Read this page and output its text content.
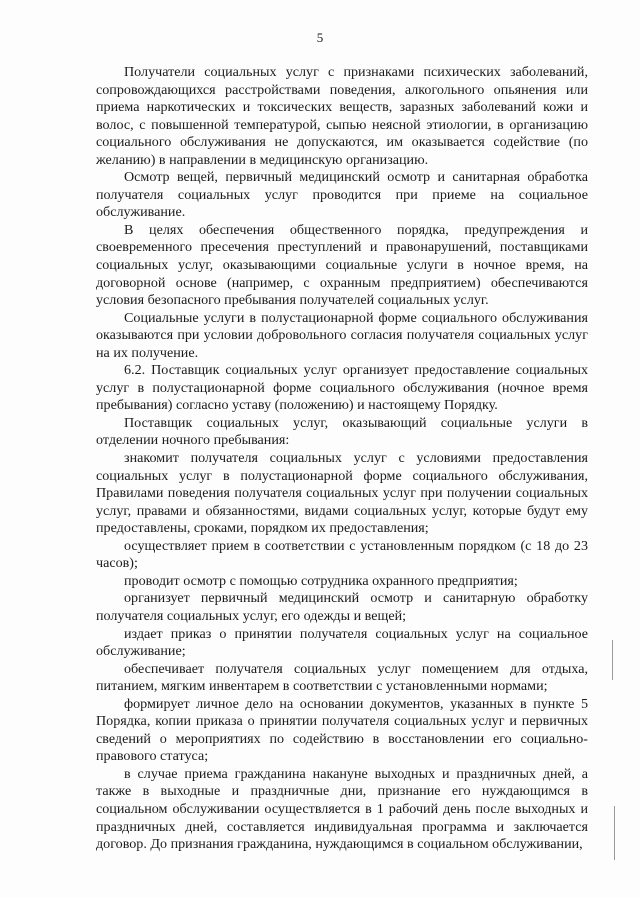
5

Получатели социальных услуг с признаками психических заболеваний, сопровождающихся расстройствами поведения, алкогольного опьянения или приема наркотических и токсических веществ, заразных заболеваний кожи и волос, с повышенной температурой, сыпью неясной этиологии, в организацию социального обслуживания не допускаются, им оказывается содействие (по желанию) в направлении в медицинскую организацию.

Осмотр вещей, первичный медицинский осмотр и санитарная обработка получателя социальных услуг проводится при приеме на социальное обслуживание.

В целях обеспечения общественного порядка, предупреждения и своевременного пресечения преступлений и правонарушений, поставщиками социальных услуг, оказывающими социальные услуги в ночное время, на договорной основе (например, с охранным предприятием) обеспечиваются условия безопасного пребывания получателей социальных услуг.

Социальные услуги в полустационарной форме социального обслуживания оказываются при условии добровольного согласия получателя социальных услуг на их получение.

6.2. Поставщик социальных услуг организует предоставление социальных услуг в полустационарной форме социального обслуживания (ночное время пребывания) согласно уставу (положению) и настоящему Порядку.

Поставщик социальных услуг, оказывающий социальные услуги в отделении ночного пребывания:

знакомит получателя социальных услуг с условиями предоставления социальных услуг в полустационарной форме социального обслуживания, Правилами поведения получателя социальных услуг при получении социальных услуг, правами и обязанностями, видами социальных услуг, которые будут ему предоставлены, сроками, порядком их предоставления;

осуществляет прием в соответствии с установленным порядком (с 18 до 23 часов);

проводит осмотр с помощью сотрудника охранного предприятия;

организует первичный медицинский осмотр и санитарную обработку получателя социальных услуг, его одежды и вещей;

издает приказ о принятии получателя социальных услуг на социальное обслуживание;

обеспечивает получателя социальных услуг помещением для отдыха, питанием, мягким инвентарем в соответствии с установленными нормами;

формирует личное дело на основании документов, указанных в пункте 5 Порядка, копии приказа о принятии получателя социальных услуг и первичных сведений о мероприятиях по содействию в восстановлении его социально-правового статуса;

в случае приема гражданина накануне выходных и праздничных дней, а также в выходные и праздничные дни, признание его нуждающимся в социальном обслуживании осуществляется в 1 рабочий день после выходных и праздничных дней, составляется индивидуальная программа и заключается договор. До признания гражданина, нуждающимся в социальном обслуживании,
